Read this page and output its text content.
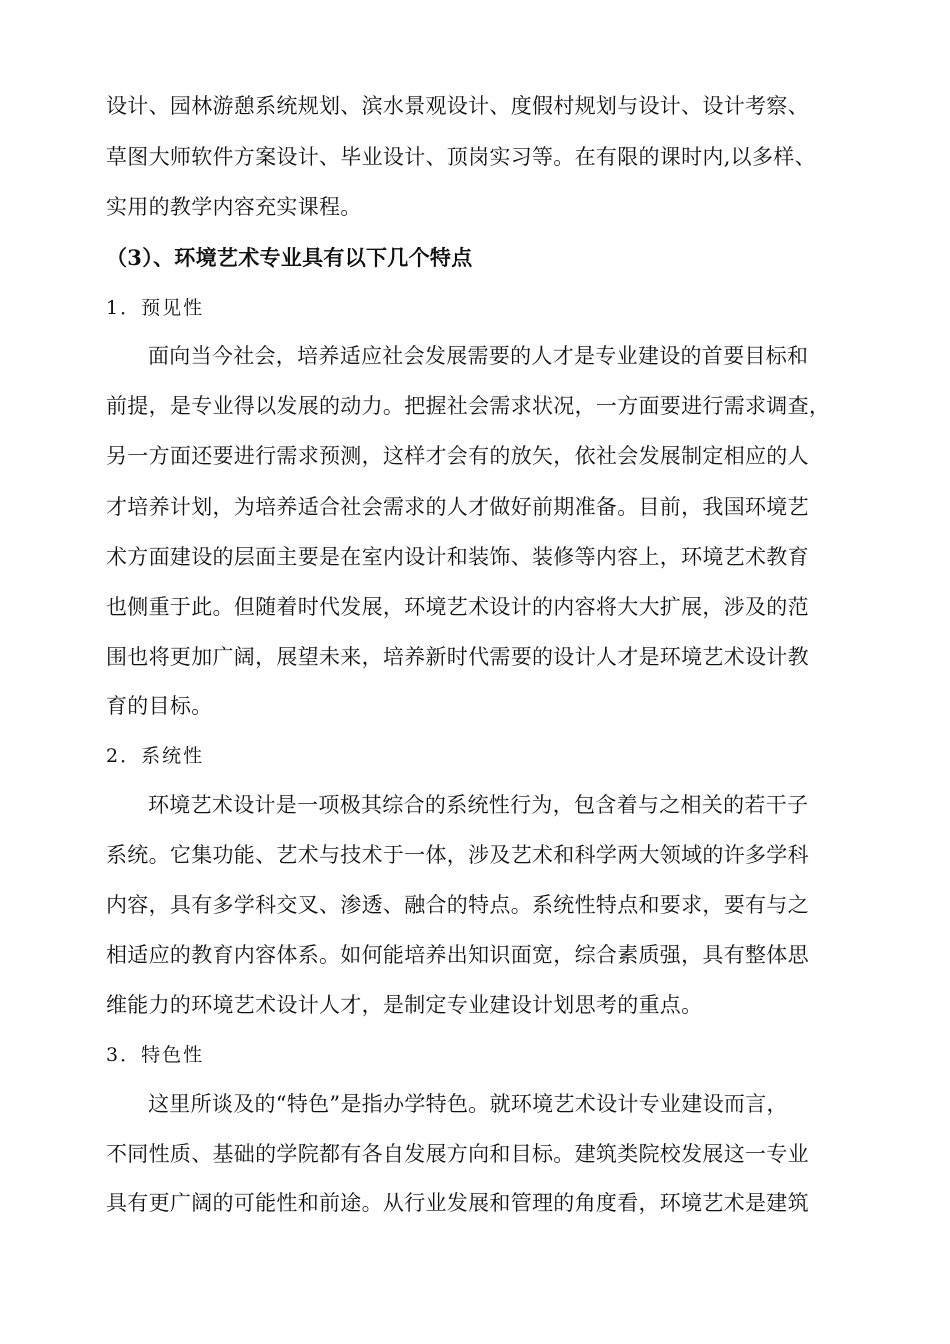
设计、园林游憩系统规划、滨水景观设计、度假村规划与设计、设计考察、
草图大师软件方案设计、毕业设计、顶岗实习等。在有限的课时内,以多样、
实用的教学内容充实课程。
（3）、环境艺术专业具有以下几个特点
1．预见性
面向当今社会，培养适应社会发展需要的人才是专业建设的首要目标和
前提，是专业得以发展的动力。把握社会需求状况，一方面要进行需求调查，
另一方面还要进行需求预测，这样才会有的放矢，依社会发展制定相应的人
才培养计划，为培养适合社会需求的人才做好前期准备。目前，我国环境艺
术方面建设的层面主要是在室内设计和装饰、装修等内容上，环境艺术教育
也侧重于此。但随着时代发展，环境艺术设计的内容将大大扩展，涉及的范
围也将更加广阔，展望未来，培养新时代需要的设计人才是环境艺术设计教
育的目标。
2．系统性
环境艺术设计是一项极其综合的系统性行为，包含着与之相关的若干子
系统。它集功能、艺术与技术于一体，涉及艺术和科学两大领域的许多学科
内容，具有多学科交叉、渗透、融合的特点。系统性特点和要求，要有与之
相适应的教育内容体系。如何能培养出知识面宽，综合素质强，具有整体思
维能力的环境艺术设计人才，是制定专业建设计划思考的重点。
3．特色性
这里所谈及的“特色”是指办学特色。就环境艺术设计专业建设而言，
不同性质、基础的学院都有各自发展方向和目标。建筑类院校发展这一专业
具有更广阔的可能性和前途。从行业发展和管理的角度看，环境艺术是建筑
